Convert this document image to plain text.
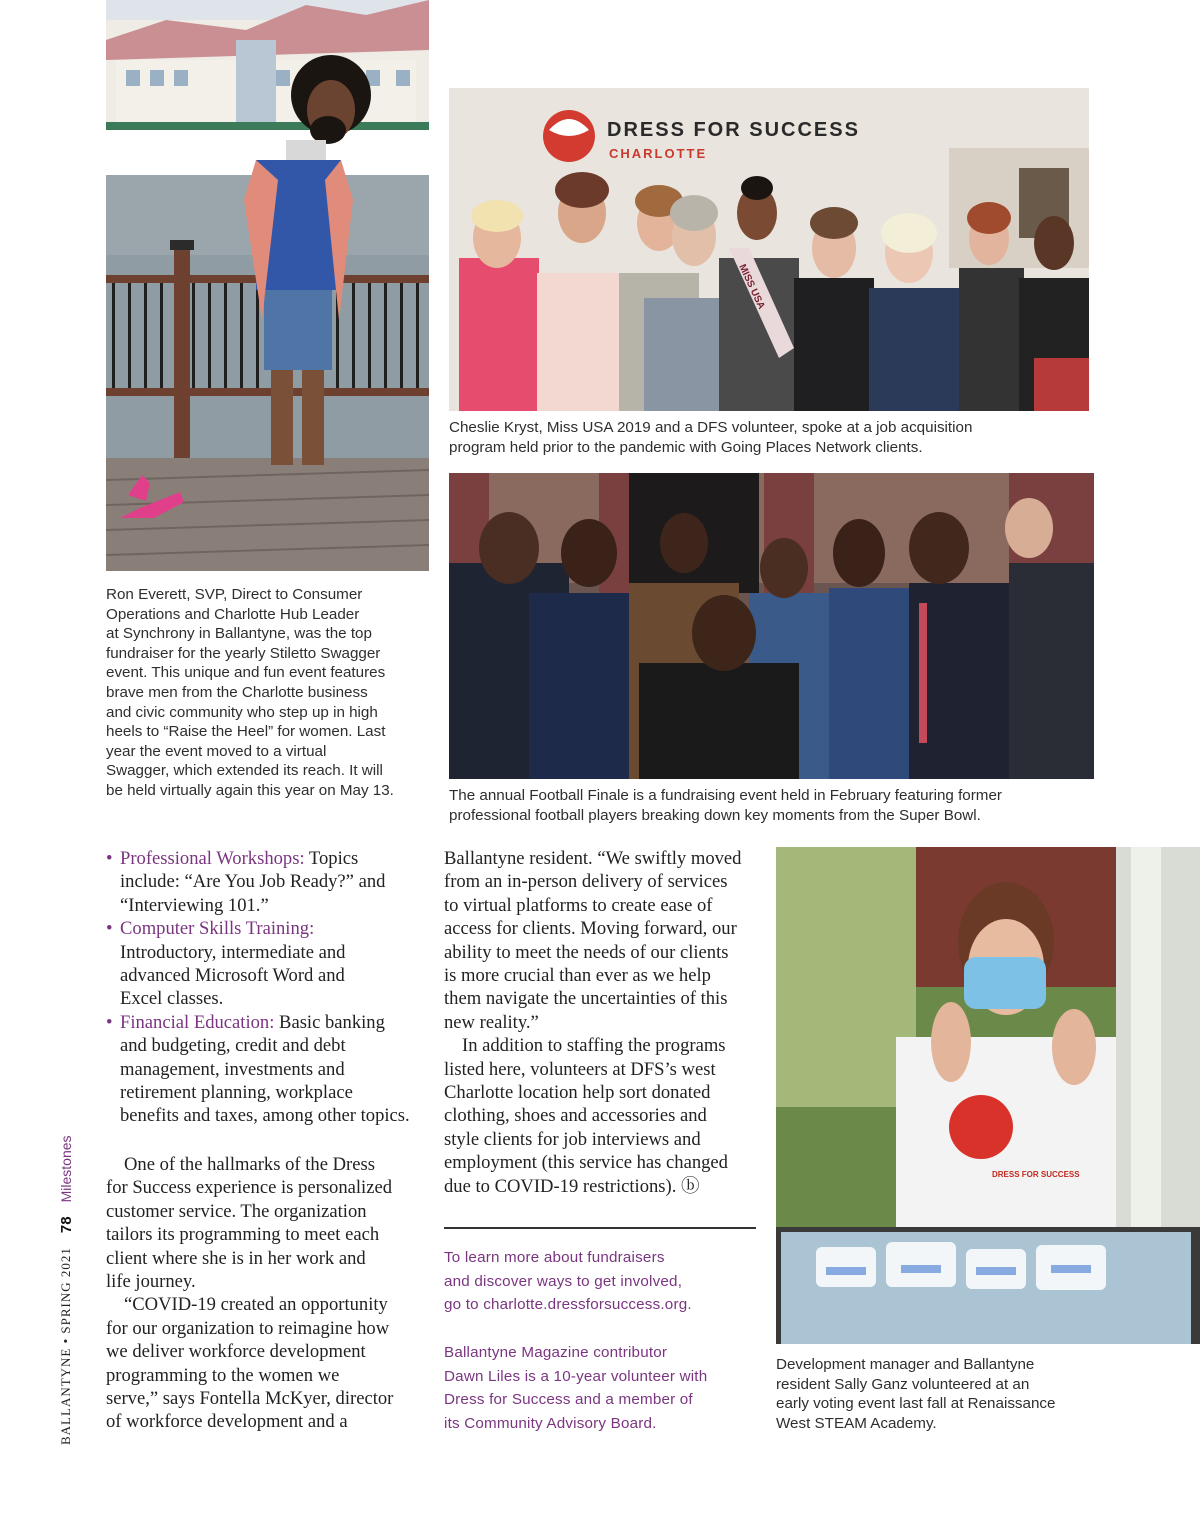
DRESS FOR SUCCESS
CHARLOTTE
MISS USA
DRESS FOR SUCCESS
Cheslie Kryst, Miss USA 2019 and a DFS volunteer, spoke at a job acquisition
program held prior to the pandemic with Going Places Network clients.
Ron Everett, SVP, Direct to Consumer
Operations and Charlotte Hub Leader
at Synchrony in Ballantyne, was the top
fundraiser for the yearly Stiletto Swagger
event. This unique and fun event features
brave men from the Charlotte business
and civic community who step up in high
heels to “Raise the Heel” for women. Last
year the event moved to a virtual
Swagger, which extended its reach. It will
be held virtually again this year on May 13.	The annual Football Finale is a fundraising event held in February featuring former
professional football players breaking down key moments from the Super Bowl.
Development manager and Ballantyne
resident Sally Ganz volunteered at an
early voting event last fall at Renaissance
West STEAM Academy.
• Professional Workshops: Topics
include: “Are You Job Ready?” and
“Interviewing 101.”
• Computer Skills Training:
Introductory, intermediate and
advanced Microsoft Word and
Excel classes.
• Financial Education: Basic banking
and budgeting, credit and debt
management, investments and
retirement planning, workplace
benefits and taxes, among other topics.
One of the hallmarks of the Dress
for Success experience is personalized
customer service. The organization
tailors its programming to meet each
client where she is in her work and
life journey.
“COVID-19 created an opportunity
for our organization to reimagine how
we deliver workforce development
programming to the women we
serve,” says Fontella McKyer, director
of workforce development and a
Ballantyne resident. “We swiftly moved
from an in-person delivery of services
to virtual platforms to create ease of
access for clients. Moving forward, our
ability to meet the needs of our clients
is more crucial than ever as we help
them navigate the uncertainties of this
new reality.”
In addition to staffing the programs
listed here, volunteers at DFS’s west
Charlotte location help sort donated
clothing, shoes and accessories and
style clients for job interviews and
employment (this service has changed
due to COVID-19 restrictions). ⓑ
To learn more about fundraisers
and discover ways to get involved,
go to charlotte.dressforsuccess.org.
Ballantyne Magazine contributor
Dawn Liles is a 10-year volunteer with
Dress for Success and a member of
its Community Advisory Board.
BALLANTYNE • SPRING 2021
78
Milestones
